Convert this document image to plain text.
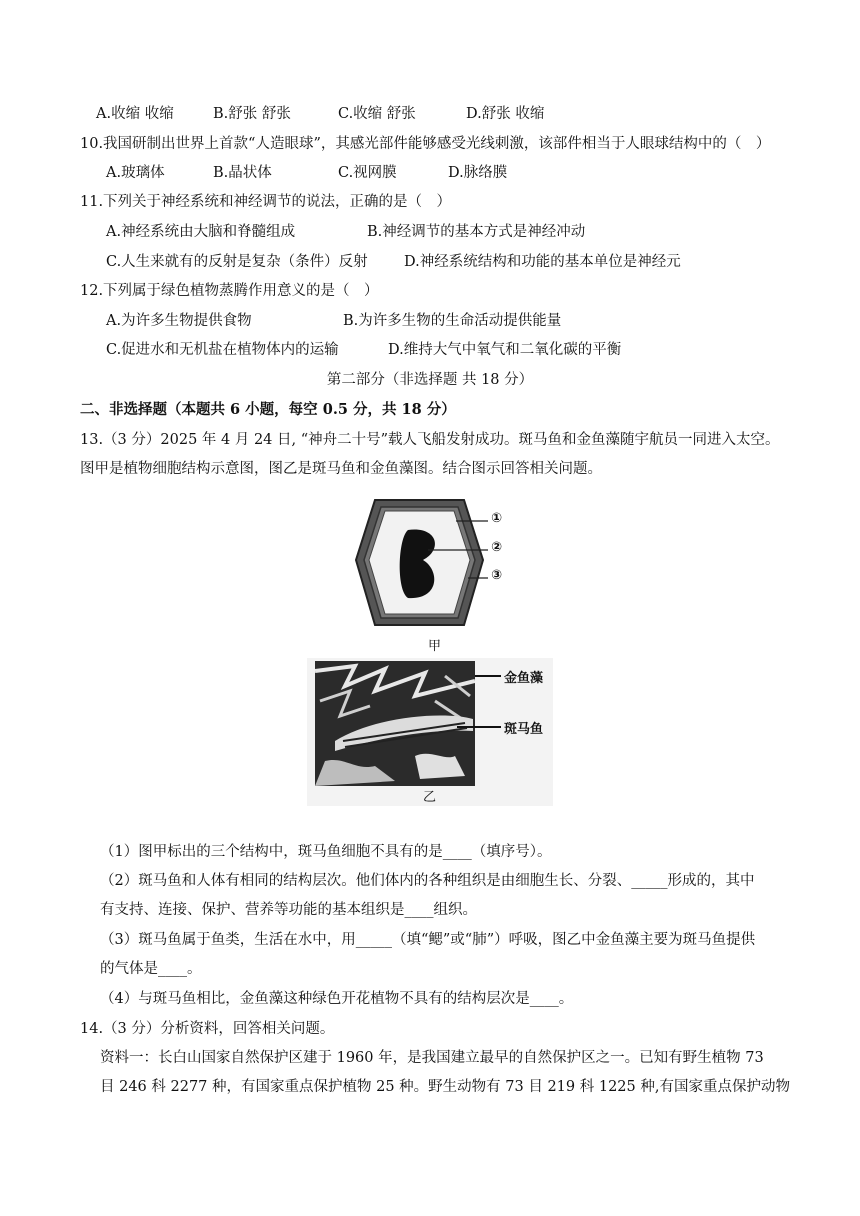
A.收缩 收缩	B.舒张 舒张	C.收缩 舒张	D.舒张 收缩
10.我国研制出世界上首款“人造眼球”，其感光部件能够感受光线刺激，该部件相当于人眼球结构中的（　）
A.玻璃体	B.晶状体	C.视网膜	D.脉络膜
11.下列关于神经系统和神经调节的说法，正确的是（　）
A.神经系统由大脑和脊髓组成	B.神经调节的基本方式是神经冲动
C.人生来就有的反射是复杂（条件）反射	D.神经系统结构和功能的基本单位是神经元
12.下列属于绿色植物蒸腾作用意义的是（　）
A.为许多生物提供食物	B.为许多生物的生命活动提供能量
C.促进水和无机盐在植物体内的运输	D.维持大气中氧气和二氧化碳的平衡
第二部分（非选择题 共 18 分）
二、非选择题（本题共 6 小题，每空 0.5 分，共 18 分）
13.（3 分）2025 年 4 月 24 日, “神舟二十号”载人飞船发射成功。斑马鱼和金鱼藻随宇航员一同进入太空。
图甲是植物细胞结构示意图，图乙是斑马鱼和金鱼藻图。结合图示回答相关问题。
①
②
③
甲
金鱼藻
斑马鱼
乙
（1）图甲标出的三个结构中，斑马鱼细胞不具有的是____（填序号）。
（2）斑马鱼和人体有相同的结构层次。他们体内的各种组织是由细胞生长、分裂、_____形成的，其中
有支持、连接、保护、营养等功能的基本组织是____组织。
（3）斑马鱼属于鱼类，生活在水中，用_____（填“鳃”或“肺”）呼吸，图乙中金鱼藻主要为斑马鱼提供
的气体是____。
（4）与斑马鱼相比，金鱼藻这种绿色开花植物不具有的结构层次是____。
14.（3 分）分析资料，回答相关问题。
资料一：长白山国家自然保护区建于 1960 年，是我国建立最早的自然保护区之一。已知有野生植物 73
目 246 科 2277 种，有国家重点保护植物 25 种。野生动物有 73 目 219 科 1225 种,有国家重点保护动物
